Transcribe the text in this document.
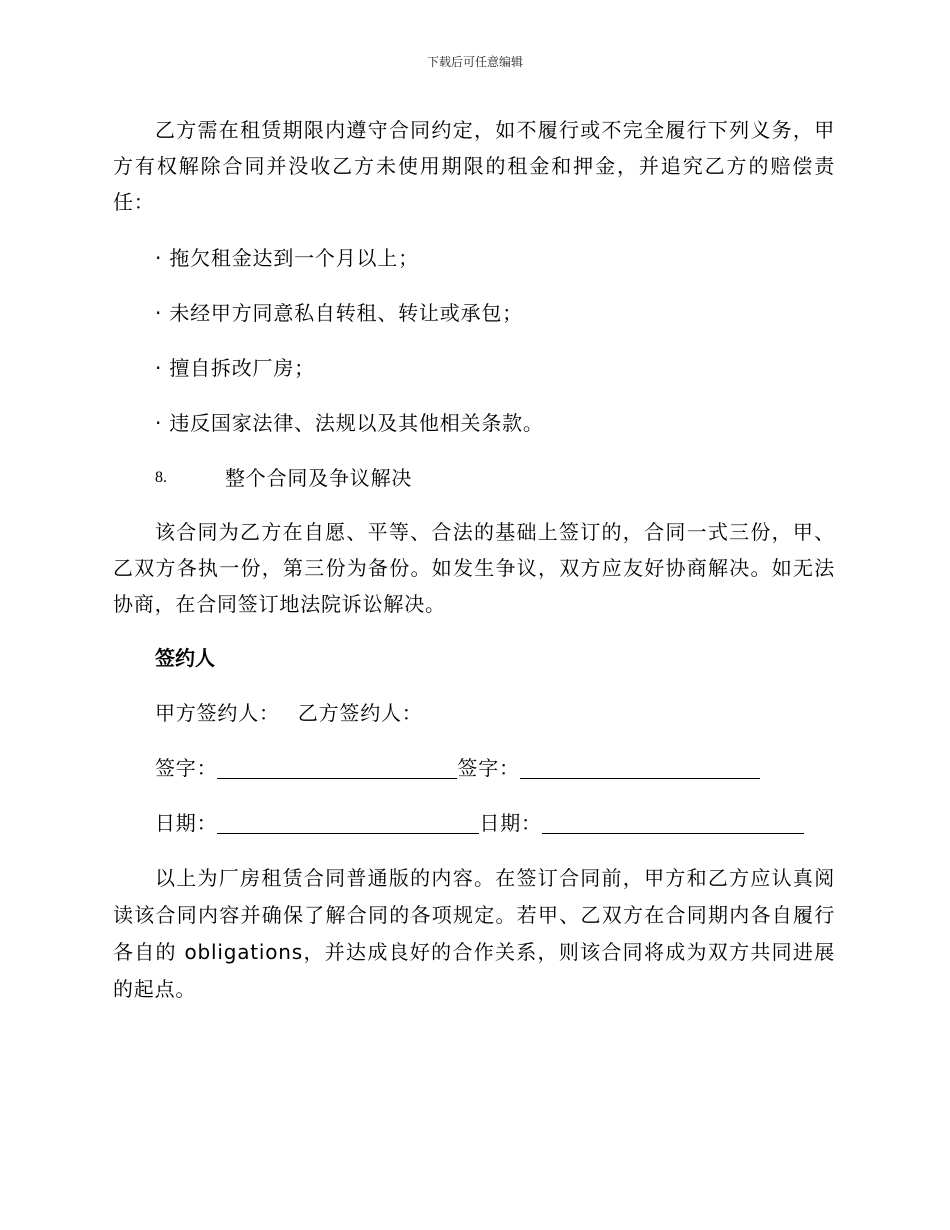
下载后可任意编辑

乙方需在租赁期限内遵守合同约定，如不履行或不完全履行下列义务，甲方有权解除合同并没收乙方未使用期限的租金和押金，并追究乙方的赔偿责任：

· 拖欠租金达到一个月以上；
· 未经甲方同意私自转租、转让或承包；
· 擅自拆改厂房；
· 违反国家法律、法规以及其他相关条款。
8.	整个合同及争议解决

该合同为乙方在自愿、平等、合法的基础上签订的，合同一式三份，甲、乙双方各执一份，第三份为备份。如发生争议，双方应友好协商解决。如无法协商，在合同签订地法院诉讼解决。

签约人
甲方签约人： 乙方签约人：
签字：	签字：
日期：	日期：

以上为厂房租赁合同普通版的内容。在签订合同前，甲方和乙方应认真阅读该合同内容并确保了解合同的各项规定。若甲、乙双方在合同期内各自履行各自的 obligations，并达成良好的合作关系，则该合同将成为双方共同进展的起点。
